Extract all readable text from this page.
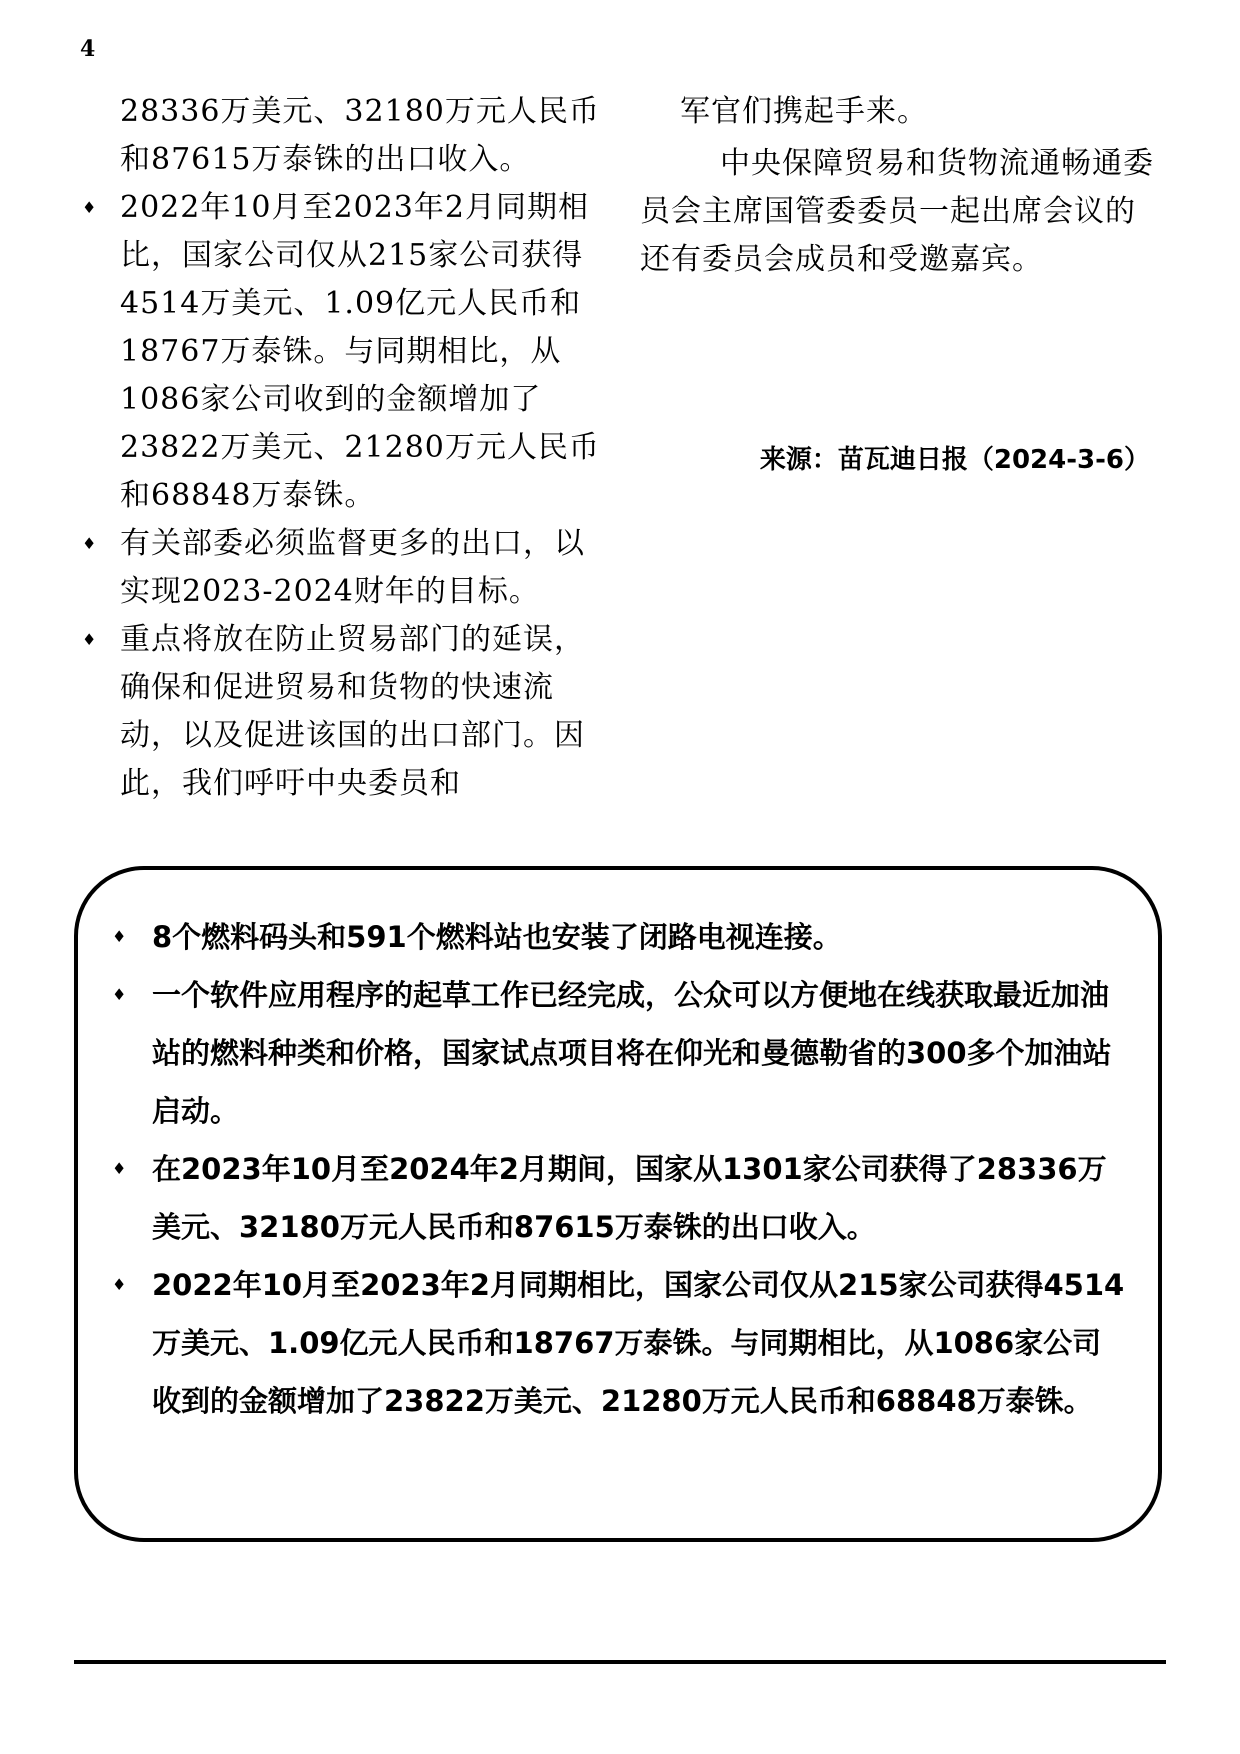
4
28336万美元、32180万元人民币和87615万泰铢的出口收入。
♦ 2022年10月至2023年2月同期相比，国家公司仅从215家公司获得4514万美元、1.09亿元人民币和18767万泰铢。与同期相比，从1086家公司收到的金额增加了23822万美元、21280万元人民币和68848万泰铢。
♦ 有关部委必须监督更多的出口，以实现2023-2024财年的目标。
♦ 重点将放在防止贸易部门的延误，确保和促进贸易和货物的快速流动，以及促进该国的出口部门。因此，我们呼吁中央委员和

军官们携起手来。

中央保障贸易和货物流通畅通委员会主席国管委委员一起出席会议的还有委员会成员和受邀嘉宾。

来源：苗瓦迪日报（2024-3-6）
♦ 8个燃料码头和591个燃料站也安装了闭路电视连接。
♦ 一个软件应用程序的起草工作已经完成，公众可以方便地在线获取最近加油站的燃料种类和价格，国家试点项目将在仰光和曼德勒省的300多个加油站启动。
♦ 在2023年10月至2024年2月期间，国家从1301家公司获得了28336万美元、32180万元人民币和87615万泰铢的出口收入。
♦ 2022年10月至2023年2月同期相比，国家公司仅从215家公司获得4514万美元、1.09亿元人民币和18767万泰铢。与同期相比，从1086家公司收到的金额增加了23822万美元、21280万元人民币和68848万泰铢。
